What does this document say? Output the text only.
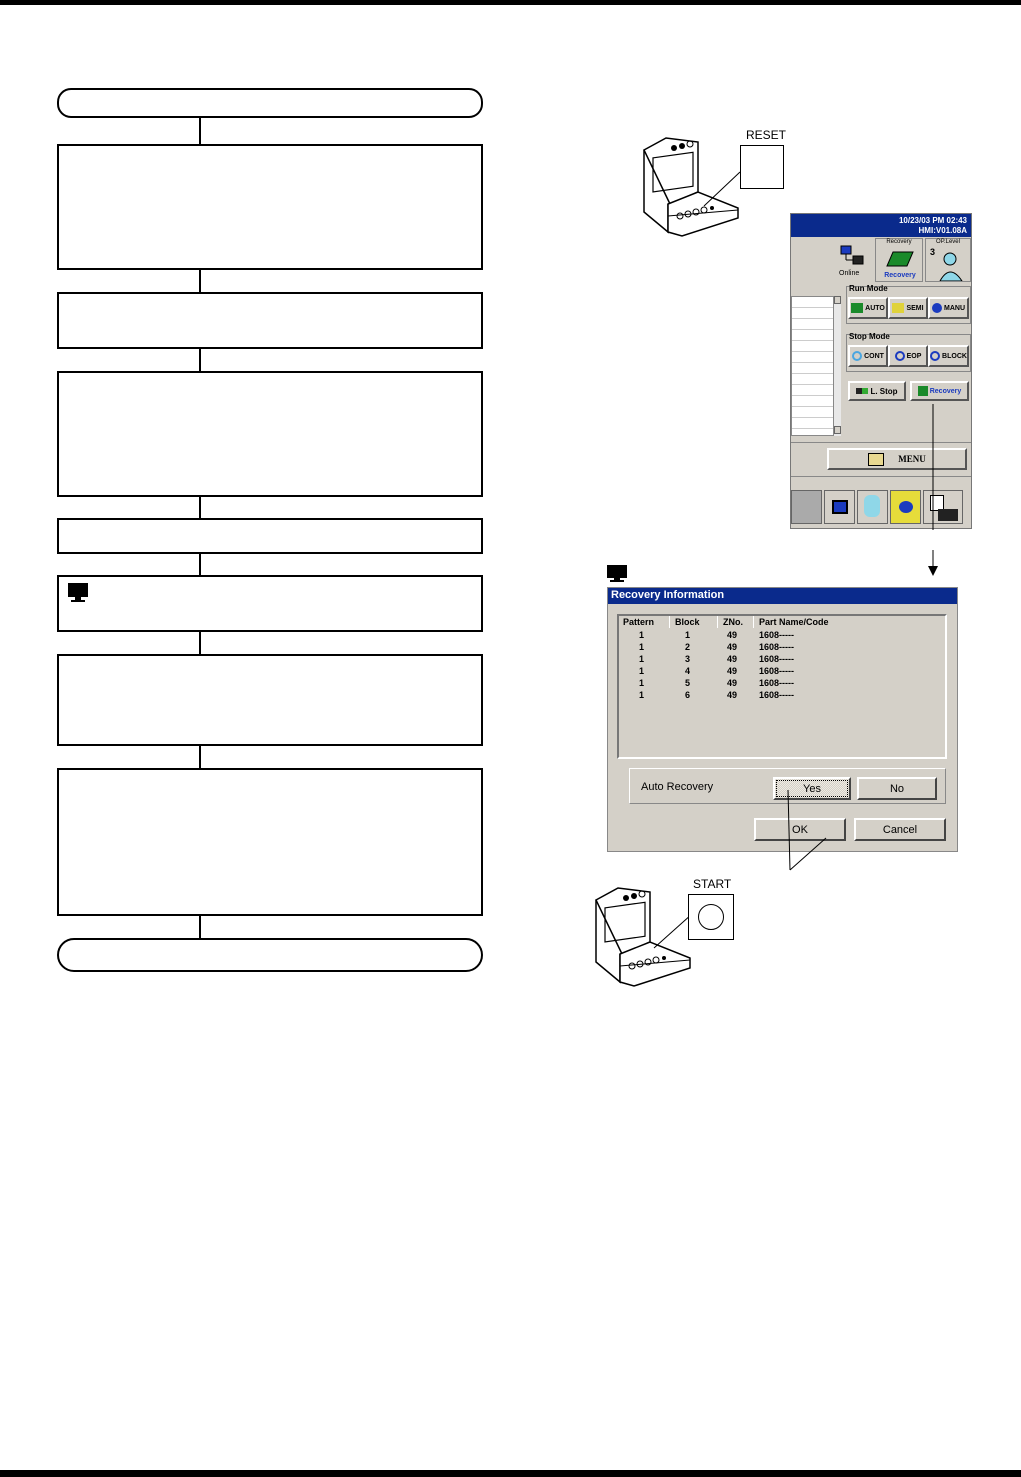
RESET
10/23/03 PM 02:43
HMI:V01.08A
Online
Recovery
Recovery
OP.Level
3
Run Mode
AUTO	SEMI	MANU
Stop Mode
CONT	EOP	BLOCK
L. Stop	Recovery
MENU
Recovery Information
Pattern Block	ZNo. Part Name/Code
1	1	49 1608-----
1	2	49 1608-----
1	3	49 1608-----
1	4	49 1608-----
1	5	49 1608-----
1	6	49 1608-----
Auto Recovery	Yes	No
OK	Cancel
START
